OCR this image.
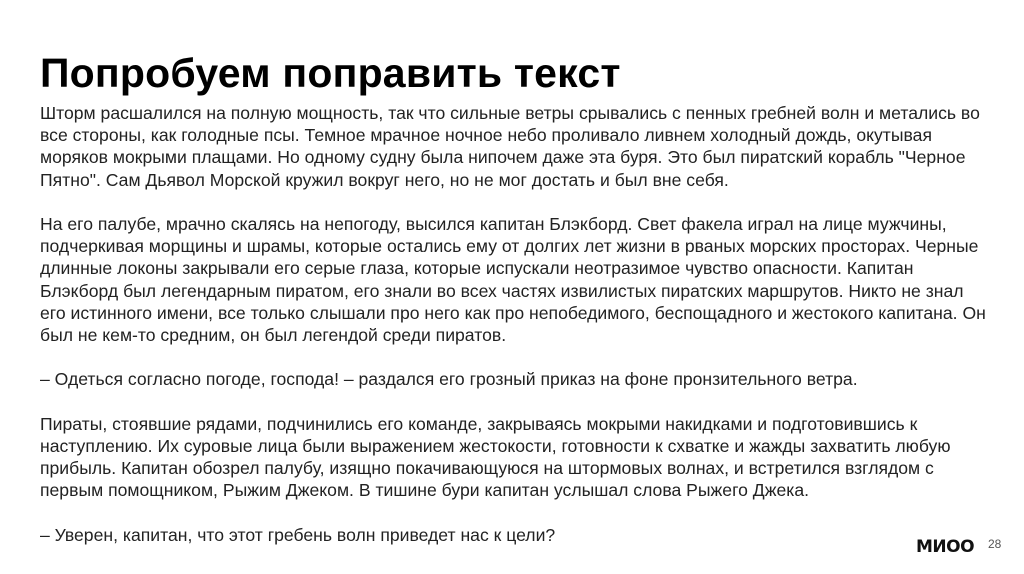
Попробуем поправить текст

Шторм расшалился на полную мощность, так что сильные ветры срывались с пенных гребней волн и метались во все стороны, как голодные псы. Темное мрачное ночное небо проливало ливнем холодный дождь, окутывая моряков мокрыми плащами. Но одному судну была нипочем даже эта буря. Это был пиратский корабль "Черное Пятно". Сам Дьявол Морской кружил вокруг него, но не мог достать и был вне себя.

На его палубе, мрачно скалясь на непогоду, высился капитан Блэкборд. Свет факела играл на лице мужчины, подчеркивая морщины и шрамы, которые остались ему от долгих лет жизни в рваных морских просторах. Черные длинные локоны закрывали его серые глаза, которые испускали неотразимое чувство опасности. Капитан Блэкборд был легендарным пиратом, его знали во всех частях извилистых пиратских маршрутов. Никто не знал его истинного имени, все только слышали про него как про непобедимого, беспощадного и жестокого капитана. Он был не кем-то средним, он был легендой среди пиратов.

– Одеться согласно погоде, господа! – раздался его грозный приказ на фоне пронзительного ветра.

Пираты, стоявшие рядами, подчинились его команде, закрываясь мокрыми накидками и подготовившись к наступлению. Их суровые лица были выражением жестокости, готовности к схватке и жажды захватить любую прибыль. Капитан обозрел палубу, изящно покачивающуюся на штормовых волнах, и встретился взглядом с первым помощником, Рыжим Джеком. В тишине бури капитан услышал слова Рыжего Джека.

– Уверен, капитан, что этот гребень волн приведет нас к цели?

МИОО 28
